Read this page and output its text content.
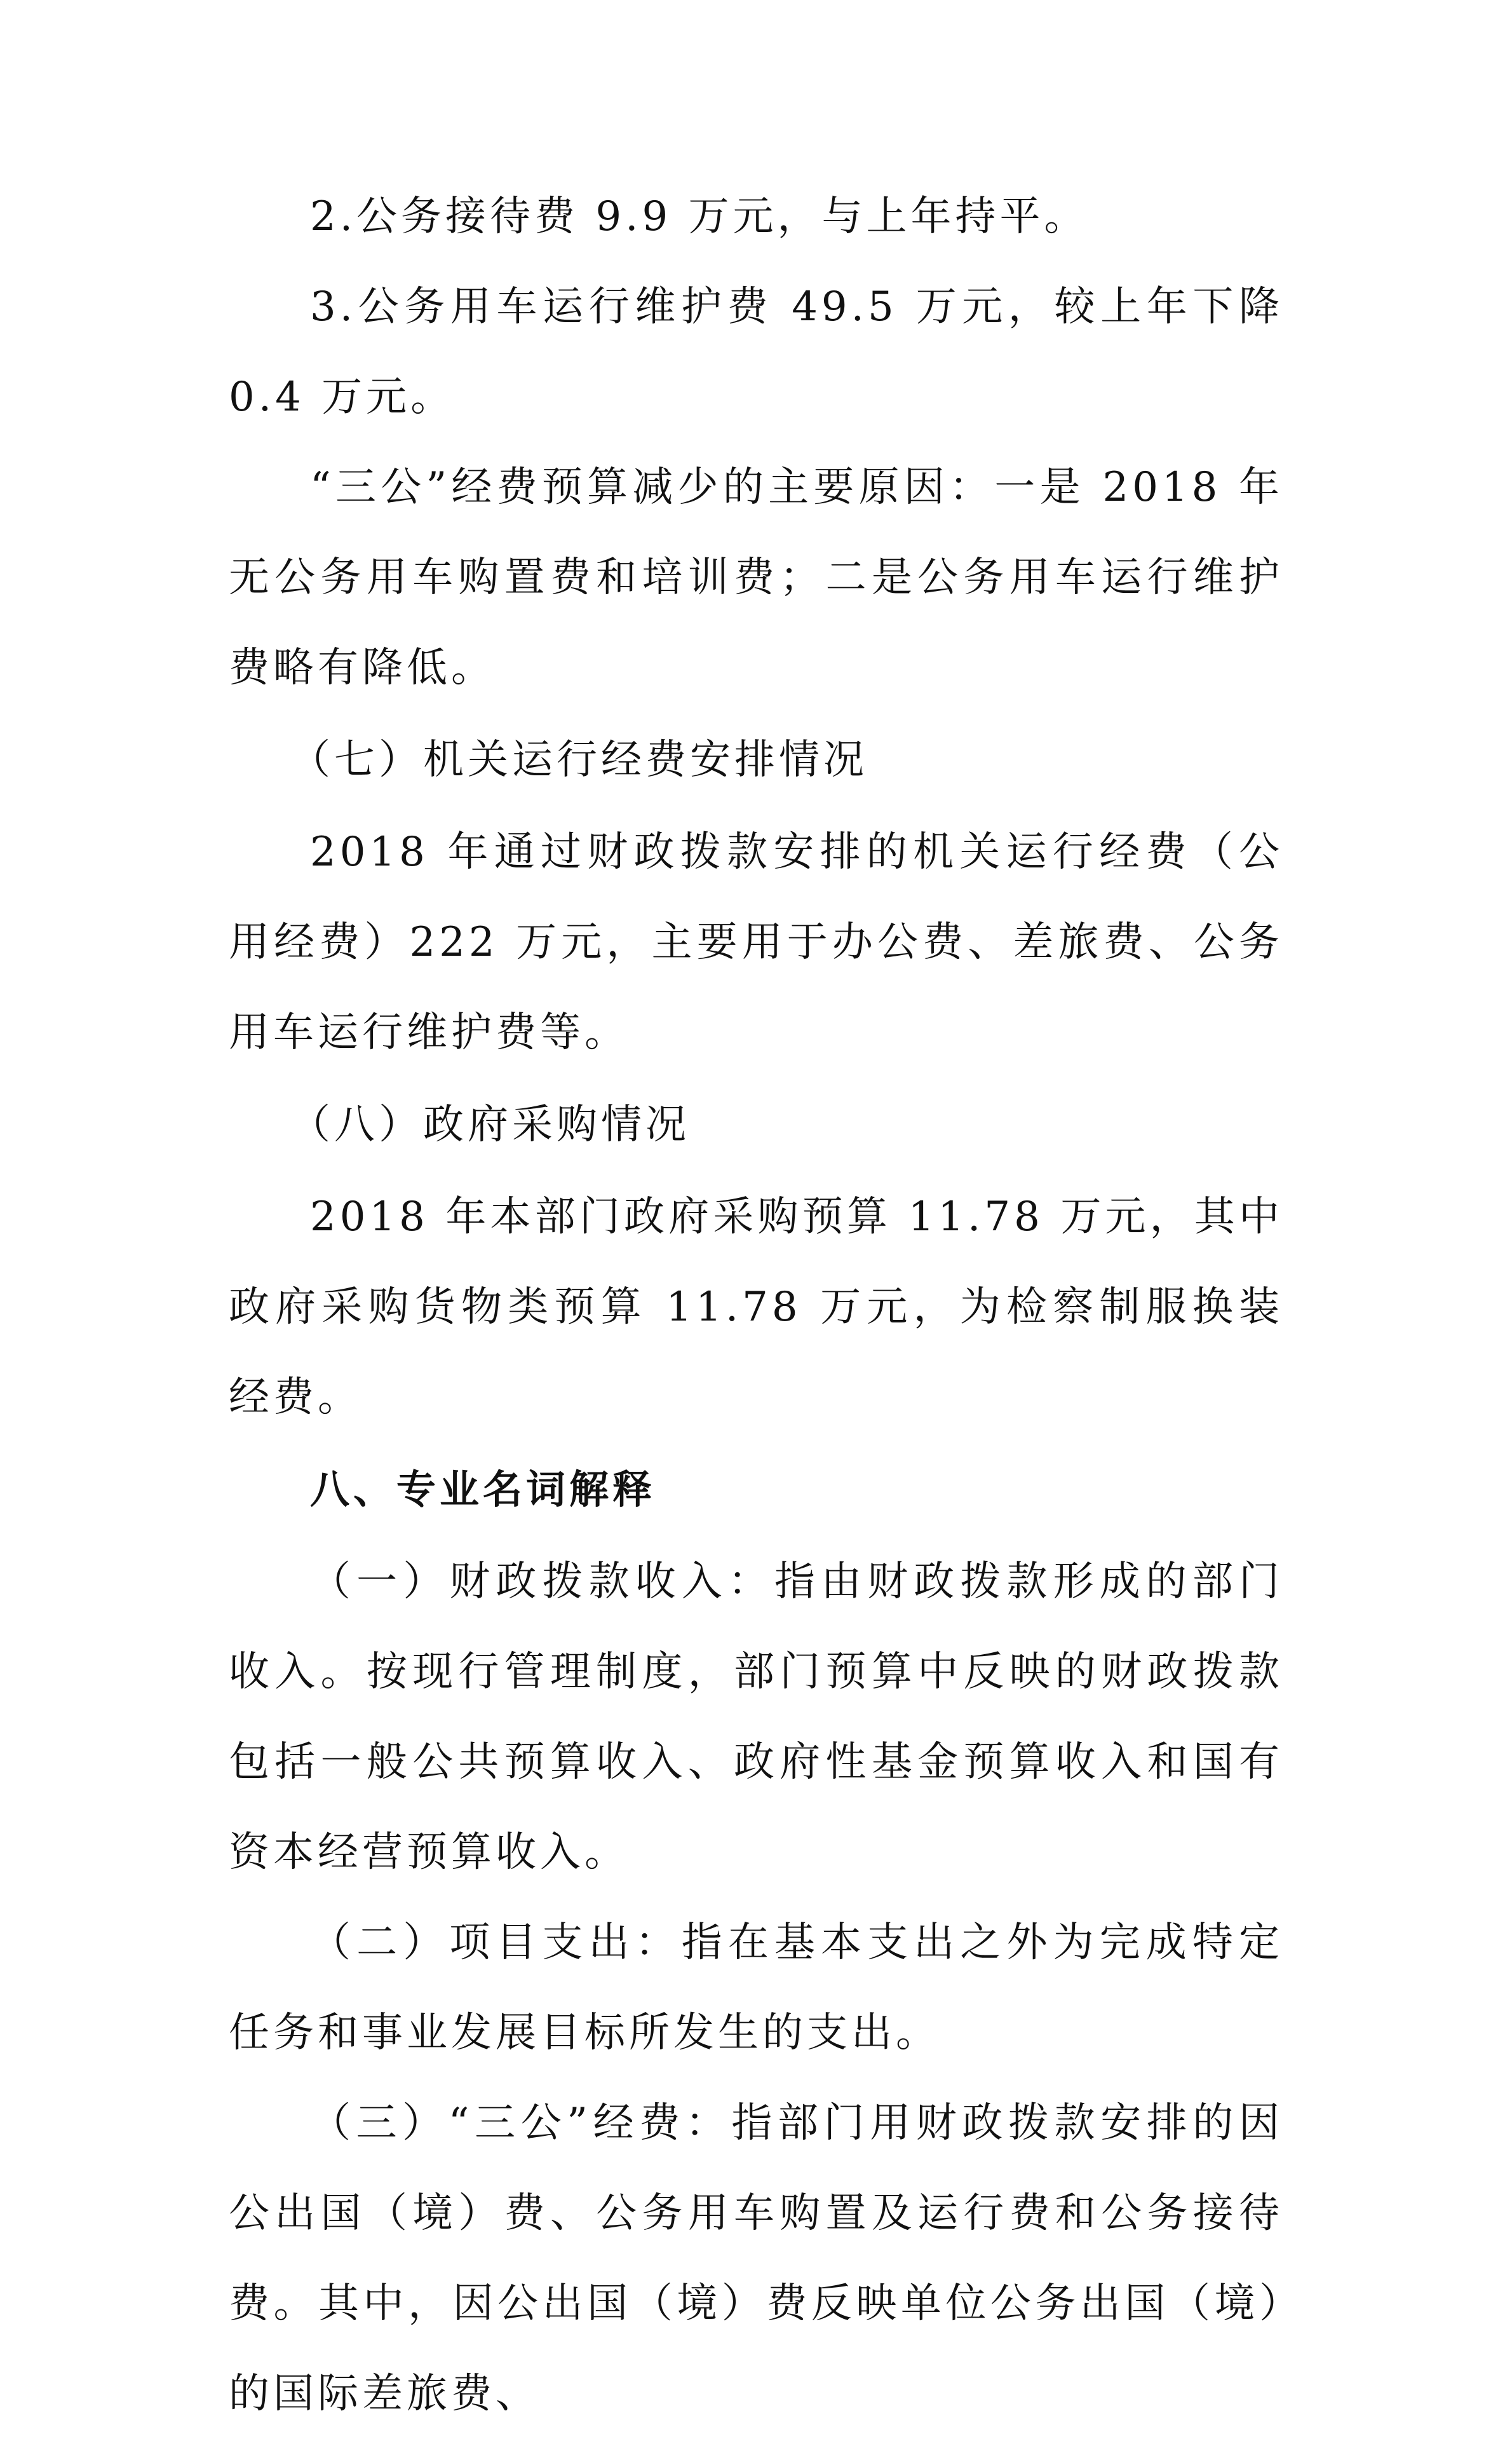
2.公务接待费 9.9 万元，与上年持平。

3.公务用车运行维护费 49.5 万元，较上年下降 0.4 万元。

“三公”经费预算减少的主要原因：一是 2018 年无公务用车购置费和培训费；二是公务用车运行维护费略有降低。

（七）机关运行经费安排情况

2018 年通过财政拨款安排的机关运行经费（公用经费）222 万元，主要用于办公费、差旅费、公务用车运行维护费等。

（八）政府采购情况

2018 年本部门政府采购预算 11.78 万元，其中政府采购货物类预算 11.78 万元，为检察制服换装经费。

八、专业名词解释

（一）财政拨款收入：指由财政拨款形成的部门收入。按现行管理制度，部门预算中反映的财政拨款包括一般公共预算收入、政府性基金预算收入和国有资本经营预算收入。

（二）项目支出：指在基本支出之外为完成特定任务和事业发展目标所发生的支出。

（三）“三公”经费：指部门用财政拨款安排的因公出国（境）费、公务用车购置及运行费和公务接待费。其中，因公出国（境）费反映单位公务出国（境）的国际差旅费、
